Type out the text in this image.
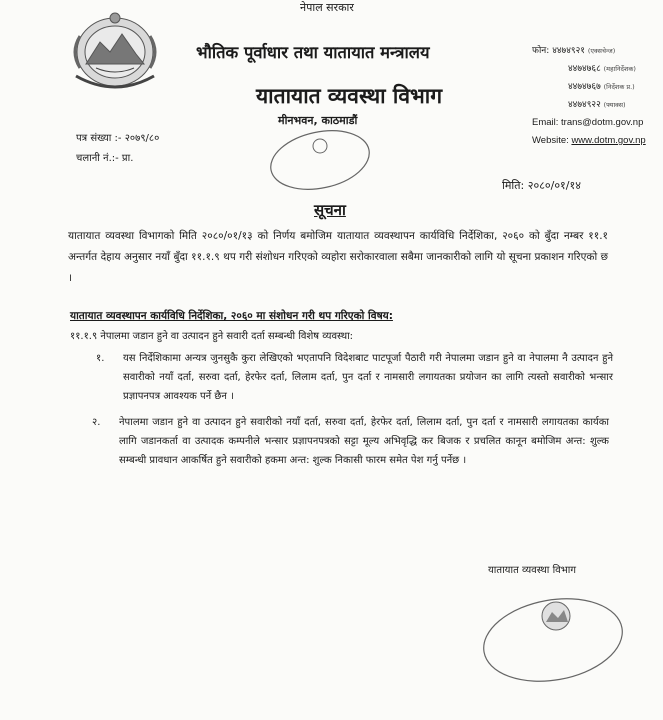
नेपाल सरकार
भौतिक पूर्वाधार तथा यातायात मन्त्रालय
यातायात व्यवस्था विभाग
मीनभवन, काठमाडौं
फोन: ४४७४९२१ (एक्सचेन्ज)
४४७४७६८ (महानिर्देशक)
४४७४७६७ (निर्देशक प्र.)
४४७४९२२ (फ्याक्स)
Email: trans@dotm.gov.np
Website: www.dotm.gov.np
पत्र संख्या :- २०७९/८०
चलानी नं.:- प्रा.
मिति: २०८०/०१/१४
सूचना
यातायात व्यवस्था विभागको मिति २०८०/०१/१३ को निर्णय बमोजिम यातायात व्यवस्थापन कार्यविधि निर्देशिका, २०६० को बुँदा नम्बर ११.१ अन्तर्गत देहाय अनुसार नयाँ बुँदा ११.१.९ थप गरी संशोधन गरिएको व्यहोरा सरोकारवाला सबैमा जानकारीको लागि यो सूचना प्रकाशन गरिएको छ ।
यातायात व्यवस्थापन कार्यविधि निर्देशिका, २०६० मा संशोधन गरी थप गरिएको विषय:
११.१.९ नेपालमा जडान हुने वा उत्पादन हुने सवारी दर्ता सम्बन्धी विशेष व्यवस्था:
१. यस निर्देशिकामा अन्यत्र जुनसुकै कुरा लेखिएको भएतापनि विदेशबाट पाटपूर्जा पैठारी गरी नेपालमा जडान हुने वा नेपालमा नै उत्पादन हुने सवारीको नयाँ दर्ता, सरुवा दर्ता, हेरफेर दर्ता, लिलाम दर्ता, पुन दर्ता र नामसारी लगायतका प्रयोजन का लागि त्यस्तो सवारीको भन्सार प्रज्ञापनपत्र आवश्यक पर्ने छैन ।
२. नेपालमा जडान हुने वा उत्पादन हुने सवारीको नयाँ दर्ता, सरुवा दर्ता, हेरफेर दर्ता, लिलाम दर्ता, पुन दर्ता र नामसारी लगायतका कार्यका लागि जडानकर्ता वा उत्पादक कम्पनीले भन्सार प्रज्ञापनपत्रको सट्टा मूल्य अभिवृद्धि कर बिजक र प्रचलित कानून बमोजिम अन्त: शुल्क सम्बन्धी प्रावधान आकर्षित हुने सवारीको हकमा अन्त: शुल्क निकासी फारम समेत पेश गर्नु पर्नेछ ।
यातायात व्यवस्था विभाग
